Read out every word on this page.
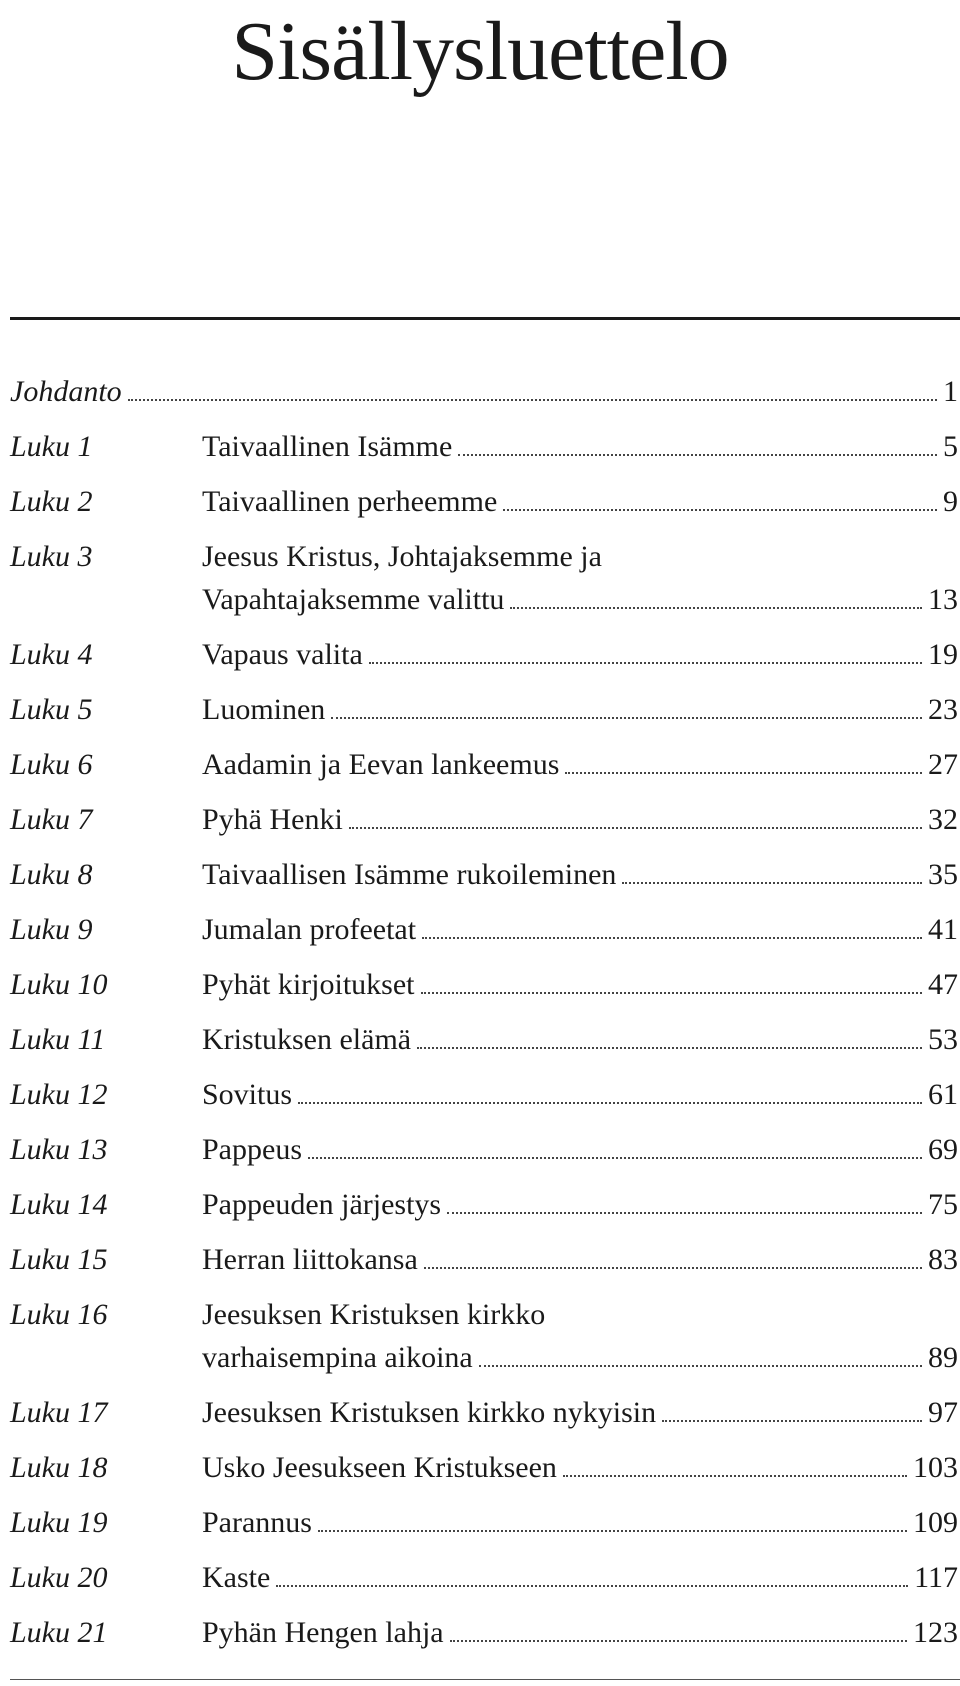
Sisällysluettelo
Johdanto	1
Luku 1	Taivaallinen Isämme	5
Luku 2	Taivaallinen perheemme	9
Luku 3	Jeesus Kristus, Johtajaksemme ja
Vapahtajaksemme valittu	13
Luku 4	Vapaus valita	19
Luku 5	Luominen	23
Luku 6	Aadamin ja Eevan lankeemus	27
Luku 7	Pyhä Henki	32
Luku 8	Taivaallisen Isämme rukoileminen	35
Luku 9	Jumalan profeetat	41
Luku 10	Pyhät kirjoitukset	47
Luku 11	Kristuksen elämä	53
Luku 12	Sovitus	61
Luku 13	Pappeus	69
Luku 14	Pappeuden järjestys	75
Luku 15	Herran liittokansa	83
Luku 16	Jeesuksen Kristuksen kirkko
varhaisempina aikoina	89
Luku 17	Jeesuksen Kristuksen kirkko nykyisin	97
Luku 18	Usko Jeesukseen Kristukseen	103
Luku 19	Parannus	109
Luku 20	Kaste	117
Luku 21	Pyhän Hengen lahja	123
